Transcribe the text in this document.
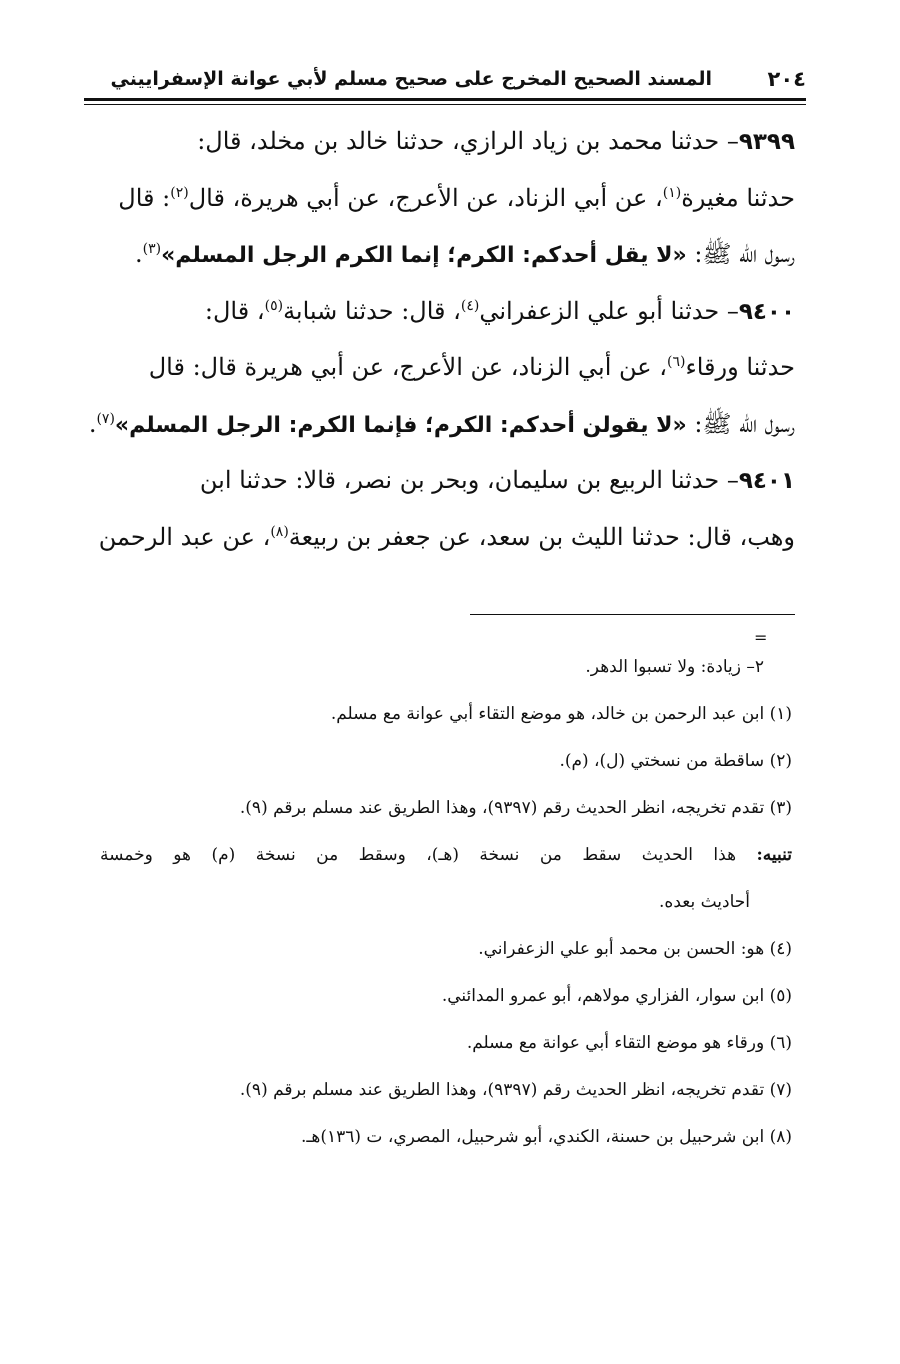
٢٠٤
المسند الصحيح المخرج على صحيح مسلم لأبي عوانة الإسفراييني
٩٣٩٩– حدثنا محمد بن زياد الرازي، حدثنا خالد بن مخلد، قال:
حدثنا مغيرة$^{(١)}$، عن أبي الزناد، عن الأعرج، عن أبي هريرة، قال$^{(٢)}$: قال
رسول الله ﷺ: «لا يقل أحدكم: الكرم؛ إنما الكرم الرجل المسلم»$^{(٣)}$.
٩٤٠٠– حدثنا أبو علي الزعفراني$^{(٤)}$، قال: حدثنا شبابة$^{(٥)}$، قال:
حدثنا ورقاء$^{(٦)}$، عن أبي الزناد، عن الأعرج، عن أبي هريرة قال: قال
رسول الله ﷺ: «لا يقولن أحدكم: الكرم؛ فإنما الكرم: الرجل المسلم»$^{(٧)}$.
٩٤٠١– حدثنا الربيع بن سليمان، وبحر بن نصر، قالا: حدثنا ابن
وهب، قال: حدثنا الليث بن سعد، عن جعفر بن ربيعة$^{(٨)}$، عن عبد الرحمن
=
٢– زيادة: ولا تسبوا الدهر.
(١) ابن عبد الرحمن بن خالد، هو موضع التقاء أبي عوانة مع مسلم.
(٢) ساقطة من نسختي (ل)، (م).
(٣) تقدم تخريجه، انظر الحديث رقم (٩٣٩٧)، وهذا الطريق عند مسلم برقم (٩).
تنبيه: هذا الحديث سقط من نسخة (هـ)، وسقط من نسخة (م) هو وخمسة
أحاديث بعده.
(٤) هو: الحسن بن محمد أبو علي الزعفراني.
(٥) ابن سوار، الفزاري مولاهم، أبو عمرو المدائني.
(٦) ورقاء هو موضع التقاء أبي عوانة مع مسلم.
(٧) تقدم تخريجه، انظر الحديث رقم (٩٣٩٧)، وهذا الطريق عند مسلم برقم (٩).
(٨) ابن شرحبيل بن حسنة، الكندي، أبو شرحبيل، المصري، ت (١٣٦)هـ.
